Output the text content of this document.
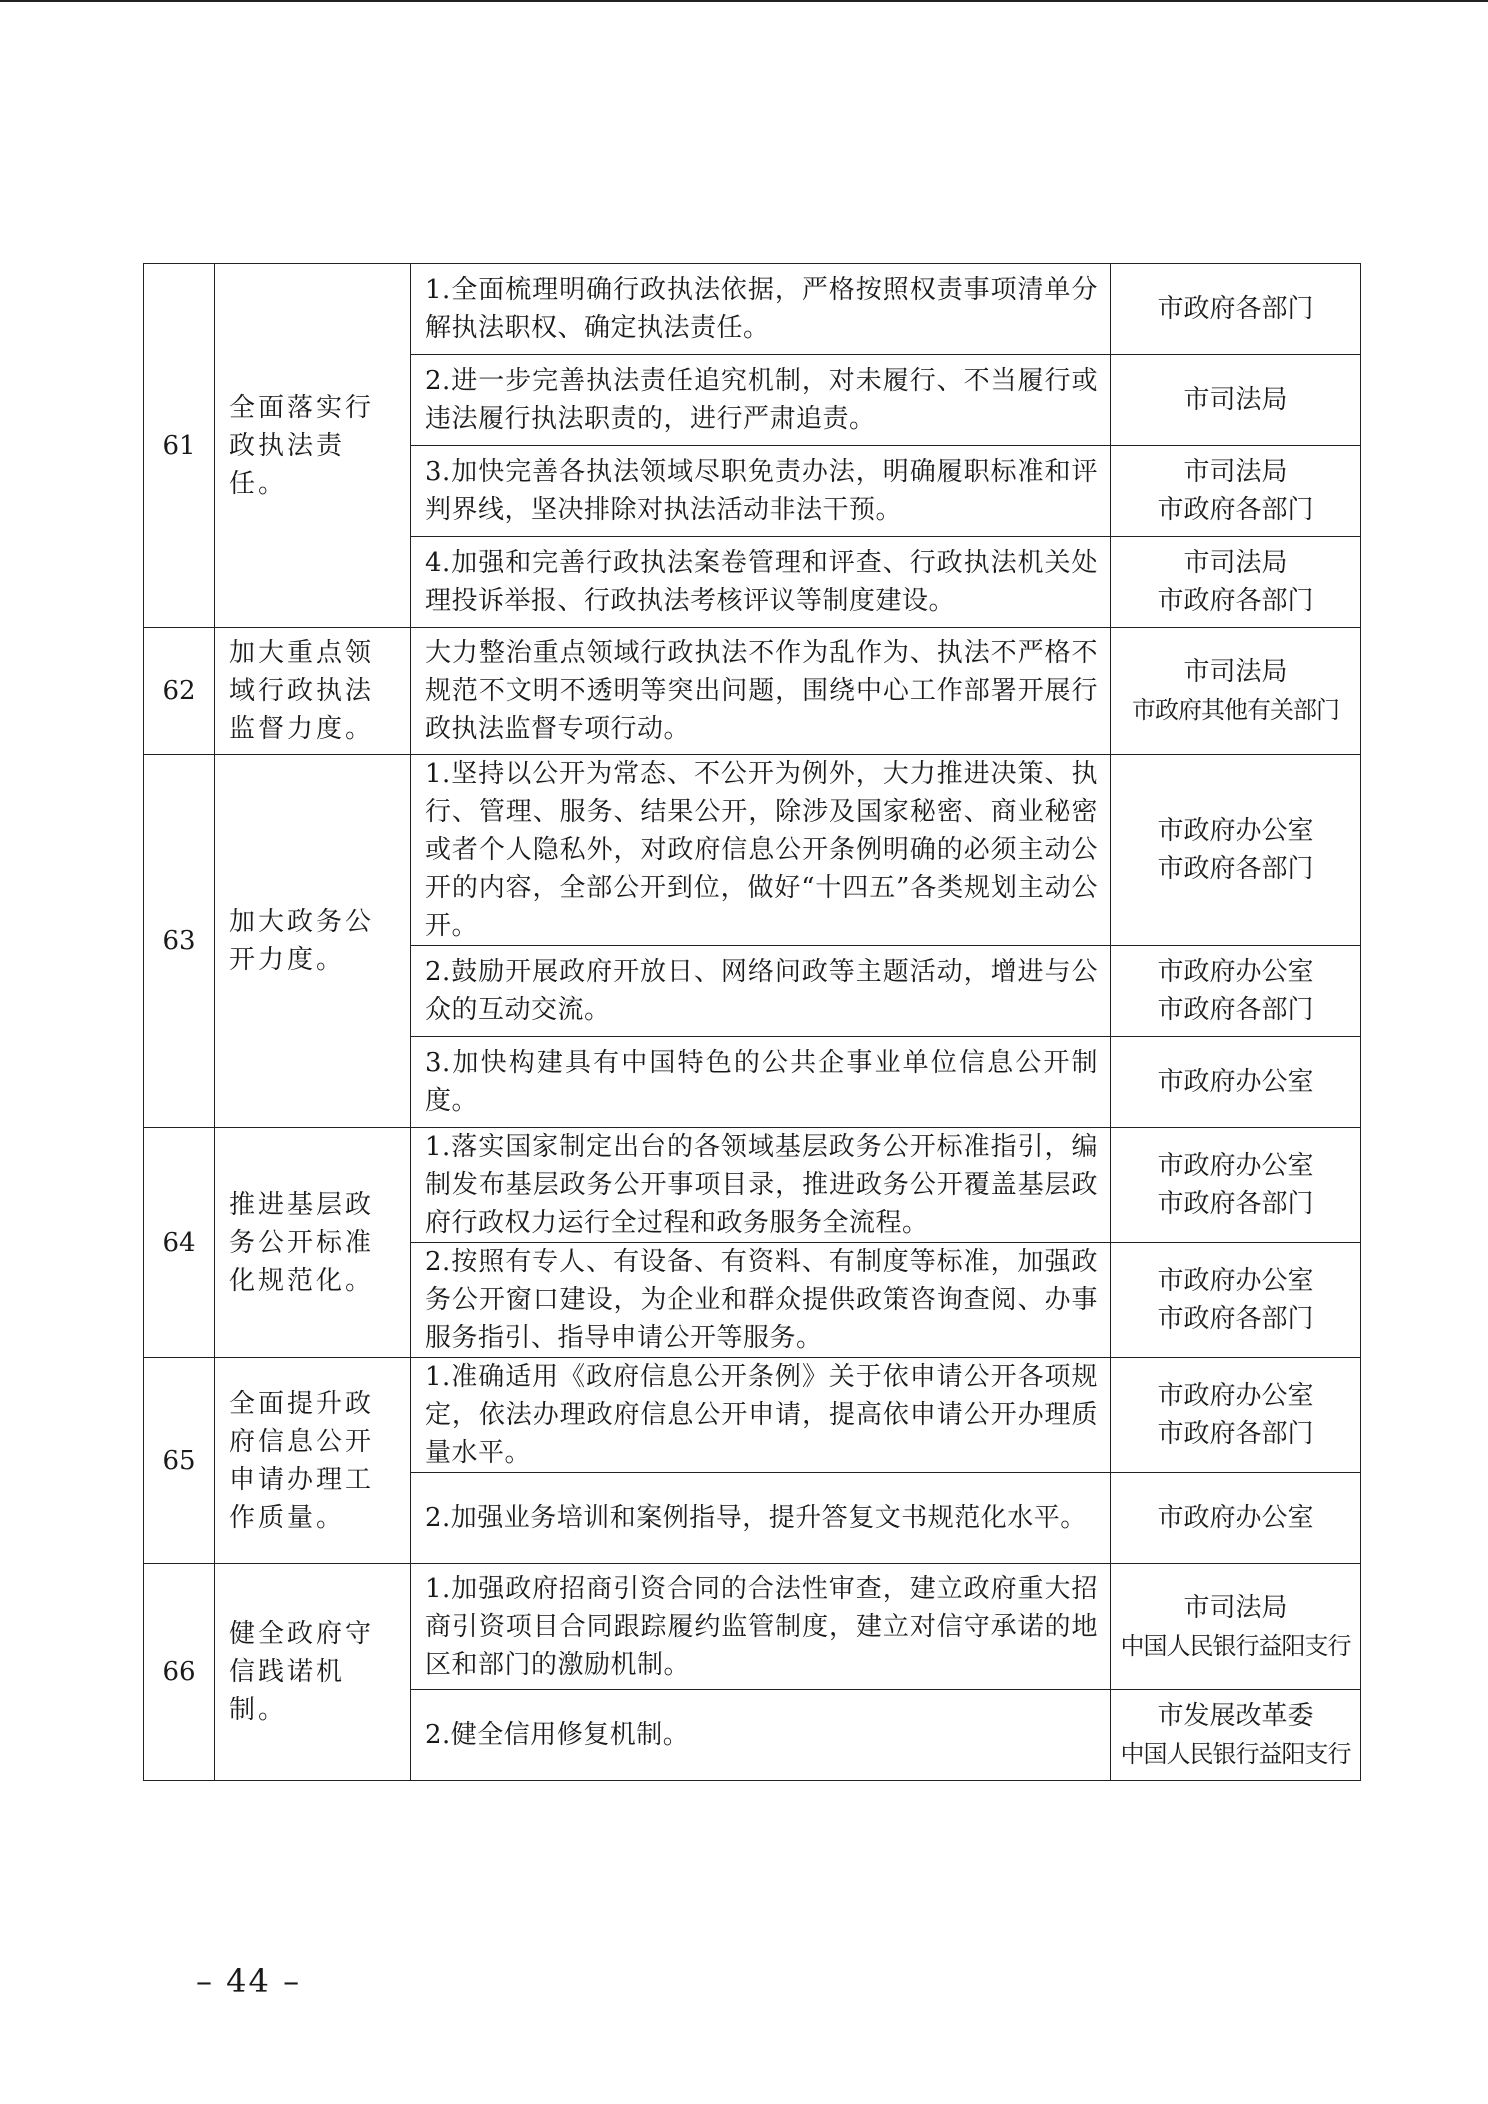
61	全面落实行政执法责任。	1.全面梳理明确行政执法依据，严格按照权责事项清单分解执法职权、确定执法责任。	市政府各部门

		2.进一步完善执法责任追究机制，对未履行、不当履行或违法履行执法职责的，进行严肃追责。	市司法局

		3.加快完善各执法领域尽职免责办法，明确履职标准和评判界线，坚决排除对执法活动非法干预。	市司法局
市政府各部门

		4.加强和完善行政执法案卷管理和评查、行政执法机关处理投诉举报、行政执法考核评议等制度建设。	市司法局
市政府各部门

62	加大重点领域行政执法监督力度。	大力整治重点领域行政执法不作为乱作为、执法不严格不规范不文明不透明等突出问题，围绕中心工作部署开展行政执法监督专项行动。	市司法局
市政府其他有关部门

63	加大政务公开力度。	1.坚持以公开为常态、不公开为例外，大力推进决策、执行、管理、服务、结果公开，除涉及国家秘密、商业秘密或者个人隐私外，对政府信息公开条例明确的必须主动公开的内容，全部公开到位，做好“十四五”各类规划主动公开。	市政府办公室
市政府各部门

		2.鼓励开展政府开放日、网络问政等主题活动，增进与公众的互动交流。	市政府办公室
市政府各部门

		3.加快构建具有中国特色的公共企事业单位信息公开制度。	市政府办公室

64	推进基层政务公开标准化规范化。	1.落实国家制定出台的各领域基层政务公开标准指引，编制发布基层政务公开事项目录，推进政务公开覆盖基层政府行政权力运行全过程和政务服务全流程。	市政府办公室
市政府各部门

		2.按照有专人、有设备、有资料、有制度等标准，加强政务公开窗口建设，为企业和群众提供政策咨询查阅、办事服务指引、指导申请公开等服务。	市政府办公室
市政府各部门

65	全面提升政府信息公开申请办理工作质量。	1.准确适用《政府信息公开条例》关于依申请公开各项规定，依法办理政府信息公开申请，提高依申请公开办理质量水平。	市政府办公室
市政府各部门

		2.加强业务培训和案例指导，提升答复文书规范化水平。	市政府办公室

66	健全政府守信践诺机制。	1.加强政府招商引资合同的合法性审查，建立政府重大招商引资项目合同跟踪履约监管制度，建立对信守承诺的地区和部门的激励机制。	市司法局
中国人民银行益阳支行

		2.健全信用修复机制。	市发展改革委
中国人民银行益阳支行
– 44 –
